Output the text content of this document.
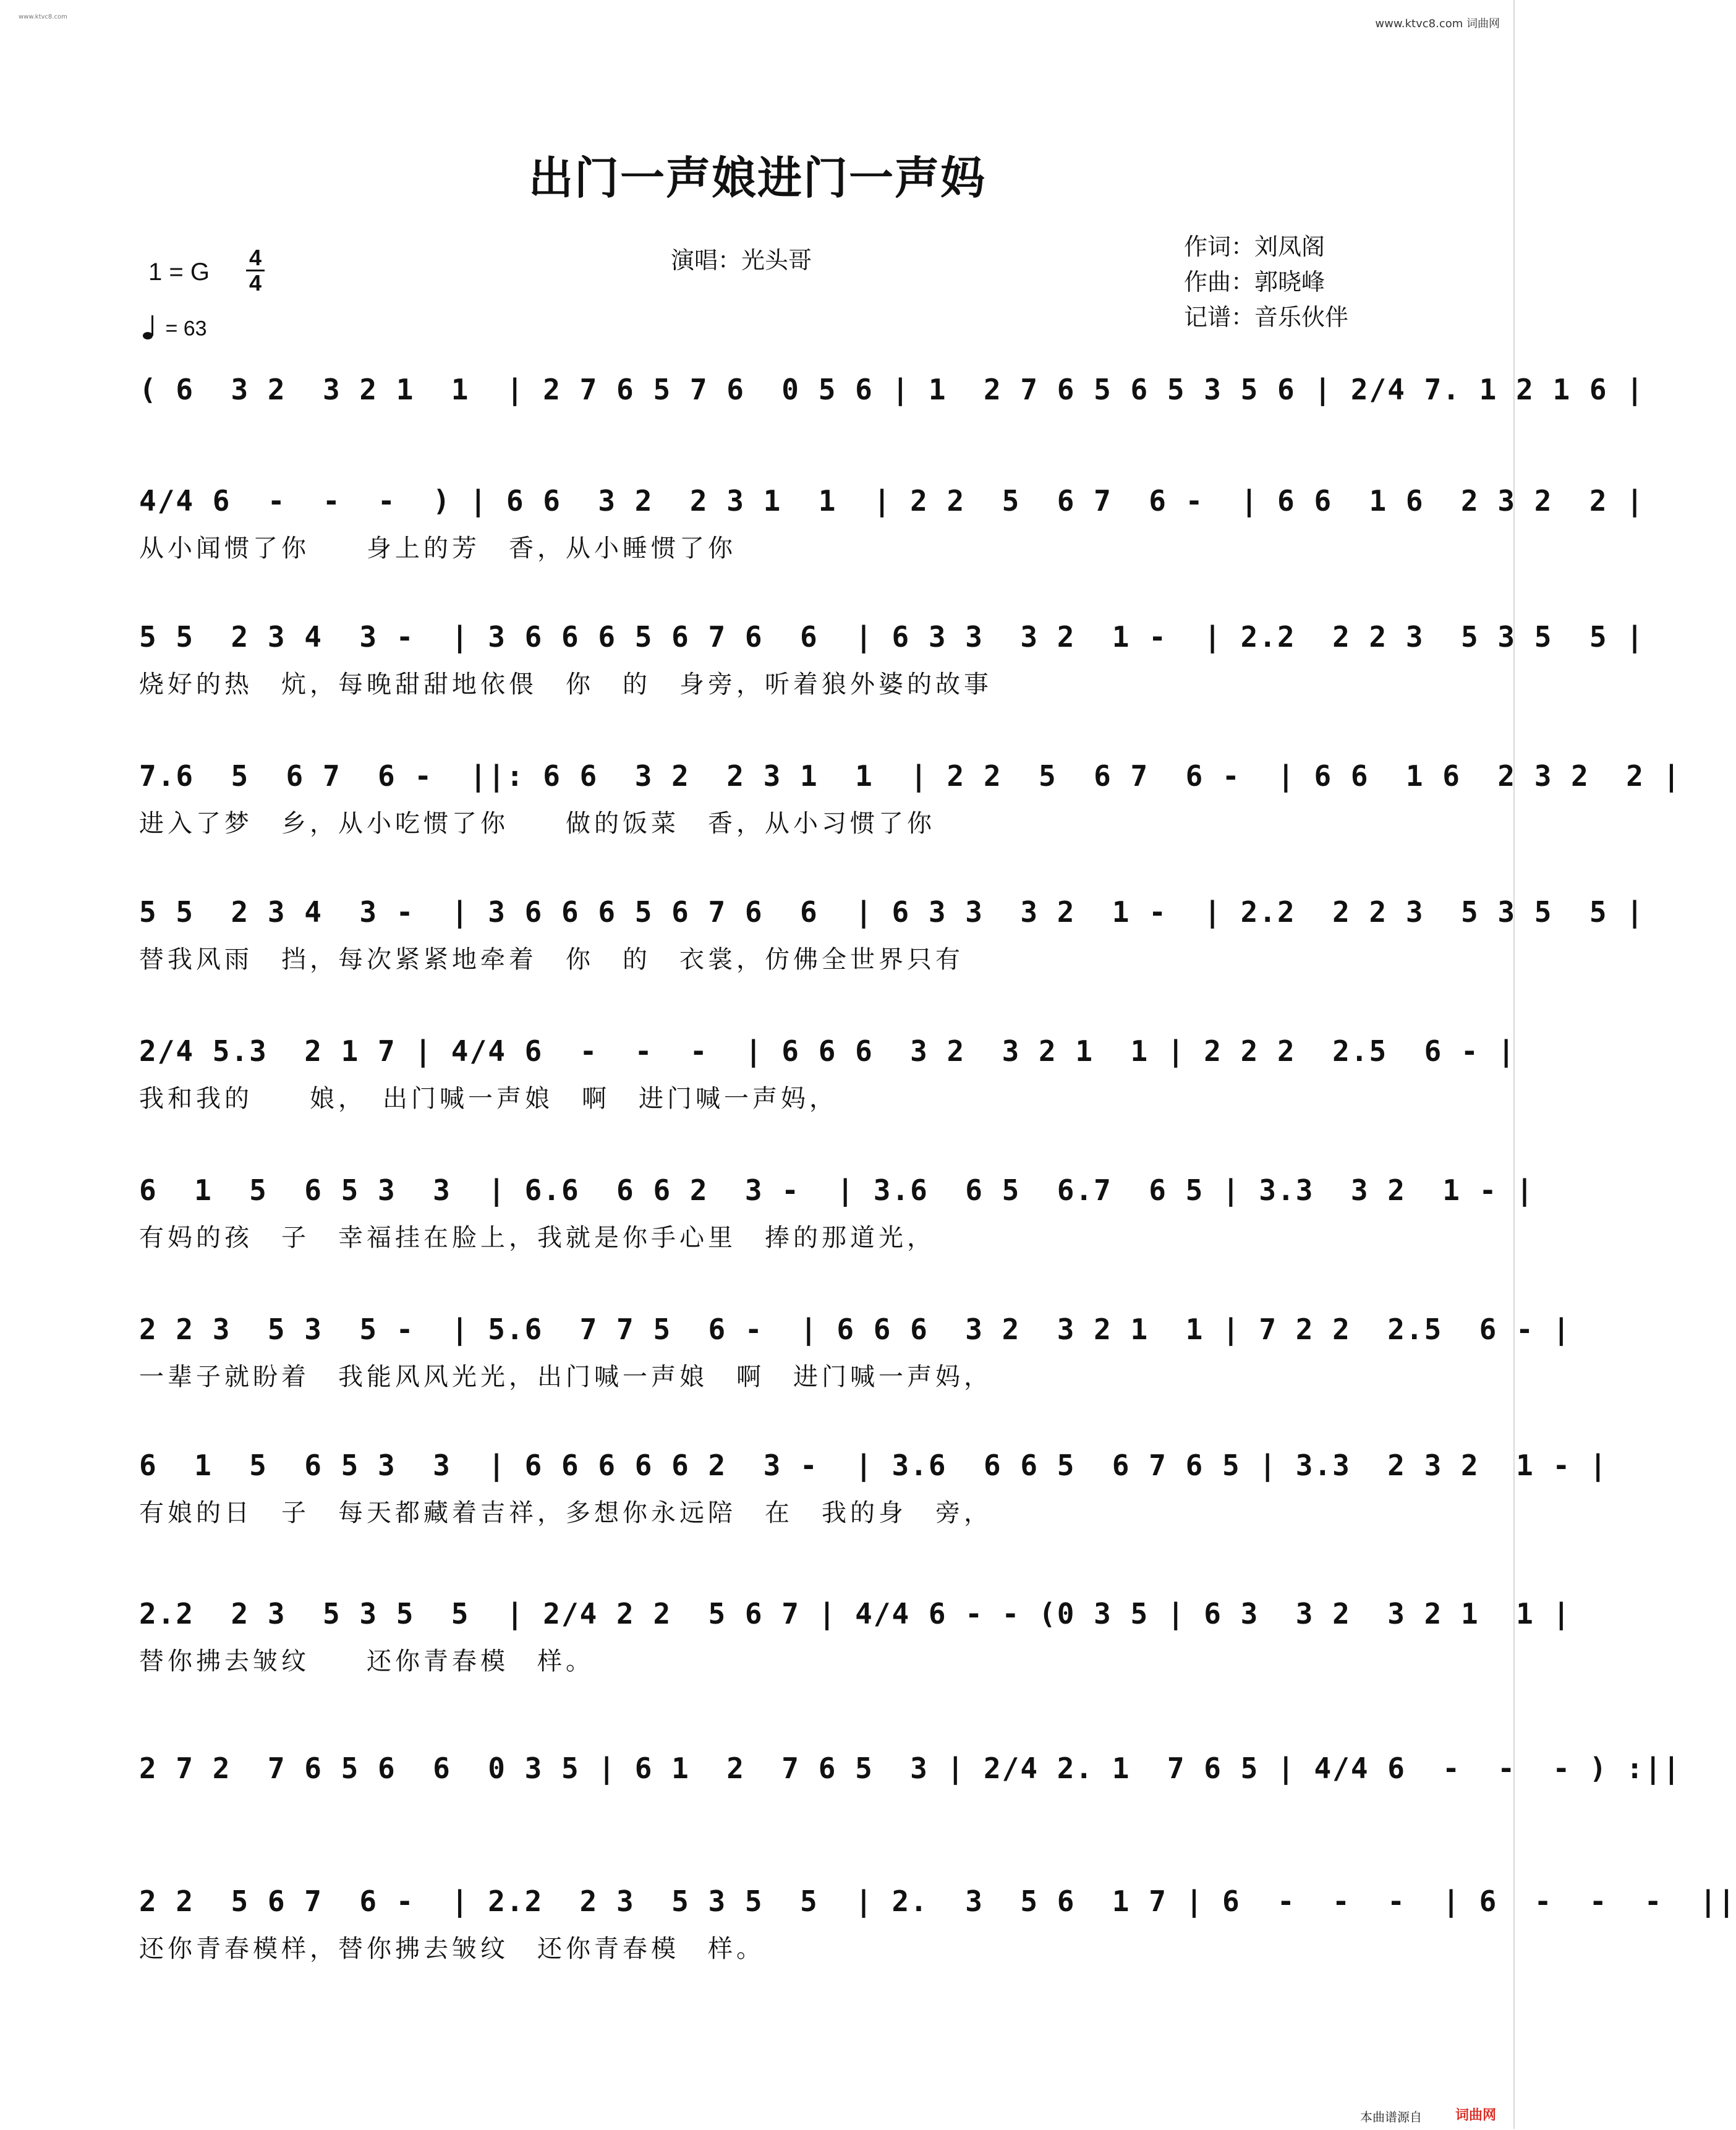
www.ktvc8.com
www.ktvc8.com 词曲网
出门一声娘进门一声妈
演唱：光头哥	作词：刘凤阁
作曲：郭晓峰
记谱：音乐伙伴
1 = G
4
4
= 63
( 6  3 2  3 2 1  1  | 2 7 6 5 7 6  0 5 6 | 1  2 7 6 5 6 5 3 5 6 | 2/4 7. 1 2 1 6 |
4/4 6  -  -  -  ) | 6 6  3 2  2 3 1  1  | 2 2  5  6 7  6 -  | 6 6  1 6  2 3 2  2 |
从小闻惯了你　　身上的芳　香，从小睡惯了你
5 5  2 3 4  3 -  | 3 6 6 6 5 6 7 6  6  | 6 3 3  3 2  1 -  | 2.2  2 2 3  5 3 5  5 |
烧好的热　炕，每晚甜甜地依偎　你　的　身旁，听着狼外婆的故事
7.6  5  6 7  6 -  ||: 6 6  3 2  2 3 1  1  | 2 2  5  6 7  6 -  | 6 6  1 6  2 3 2  2 |
进入了梦　乡，从小吃惯了你　　做的饭菜　香，从小习惯了你
5 5  2 3 4  3 -  | 3 6 6 6 5 6 7 6  6  | 6 3 3  3 2  1 -  | 2.2  2 2 3  5 3 5  5 |
替我风雨　挡，每次紧紧地牵着　你　的　衣裳，仿佛全世界只有
2/4 5.3  2 1 7 | 4/4 6  -  -  -  | 6 6 6  3 2  3 2 1  1 | 2 2 2  2.5  6 - |
我和我的　　娘，　出门喊一声娘　啊　进门喊一声妈，
6  1  5  6 5 3  3  | 6.6  6 6 2  3 -  | 3.6  6 5  6.7  6 5 | 3.3  3 2  1 - |
有妈的孩　子　幸福挂在脸上，我就是你手心里　捧的那道光，
2 2 3  5 3  5 -  | 5.6  7 7 5  6 -  | 6 6 6  3 2  3 2 1  1 | 7 2 2  2.5  6 - |
一辈子就盼着　我能风风光光，出门喊一声娘　啊　进门喊一声妈，
6  1  5  6 5 3  3  | 6 6 6 6 6 2  3 -  | 3.6  6 6 5  6 7 6 5 | 3.3  2 3 2  1 - |
有娘的日　子　每天都藏着吉祥，多想你永远陪　在　我的身　旁，
2.2  2 3  5 3 5  5  | 2/4 2 2  5 6 7 | 4/4 6 - - (0 3 5 | 6 3  3 2  3 2 1  1 |
替你拂去皱纹　　还你青春模　样。
2 7 2  7 6 5 6  6  0 3 5 | 6 1  2  7 6 5  3 | 2/4 2. 1  7 6 5 | 4/4 6  -  -  - ) :||
2 2  5 6 7  6 -  | 2.2  2 3  5 3 5  5  | 2.  3  5 6  1 7 | 6  -  -  -  | 6  -  -  -  ||
还你青春模样，替你拂去皱纹　还你青春模　样。
本曲谱源自 词曲网
